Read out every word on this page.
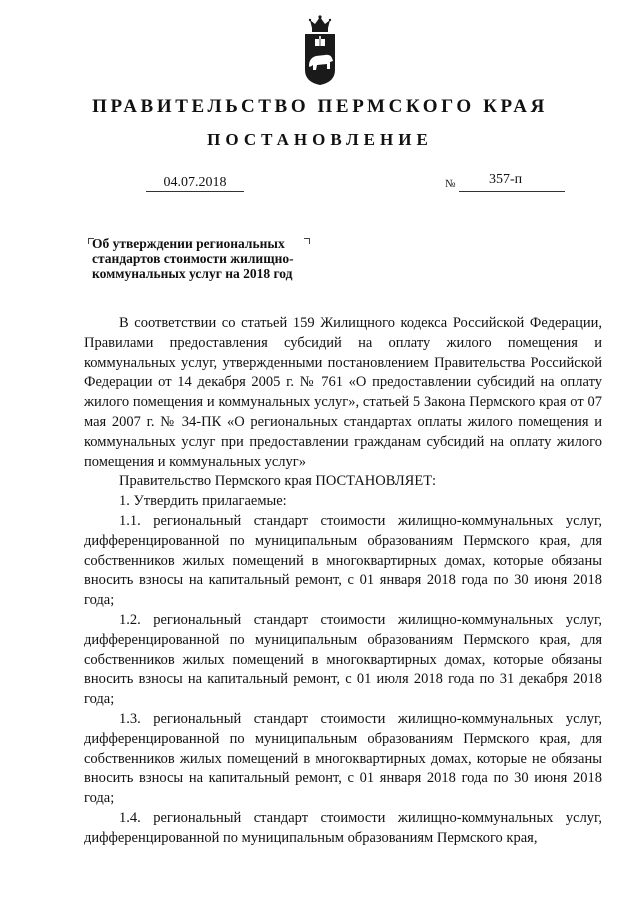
ПРАВИТЕЛЬСТВО ПЕРМСКОГО КРАЯ
ПОСТАНОВЛЕНИЕ
04.07.2018	№ 357-п
Об утверждении региональных
стандартов стоимости жилищно-
коммунальных услуг на 2018 год

В соответствии со статьей 159 Жилищного кодекса Российской Федерации, Правилами предоставления субсидий на оплату жилого помещения и коммунальных услуг, утвержденными постановлением Правительства Российской Федерации от 14 декабря 2005 г. № 761 «О предоставлении субсидий на оплату жилого помещения и коммунальных услуг», статьей 5 Закона Пермского края от 07 мая 2007 г. № 34-ПК «О региональных стандартах оплаты жилого помещения и коммунальных услуг при предоставлении гражданам субсидий на оплату жилого помещения и коммунальных услуг»

Правительство Пермского края ПОСТАНОВЛЯЕТ:

1. Утвердить прилагаемые:

1.1. региональный стандарт стоимости жилищно-коммунальных услуг, дифференцированной по муниципальным образованиям Пермского края, для собственников жилых помещений в многоквартирных домах, которые обязаны вносить взносы на капитальный ремонт, с 01 января 2018 года по 30 июня 2018 года;

1.2. региональный стандарт стоимости жилищно-коммунальных услуг, дифференцированной по муниципальным образованиям Пермского края, для собственников жилых помещений в многоквартирных домах, которые обязаны вносить взносы на капитальный ремонт, с 01 июля 2018 года по 31 декабря 2018 года;

1.3. региональный стандарт стоимости жилищно-коммунальных услуг, дифференцированной по муниципальным образованиям Пермского края, для собственников жилых помещений в многоквартирных домах, которые не обязаны вносить взносы на капитальный ремонт, с 01 января 2018 года по 30 июня 2018 года;

1.4. региональный стандарт стоимости жилищно-коммунальных услуг, дифференцированной по муниципальным образованиям Пермского края,
